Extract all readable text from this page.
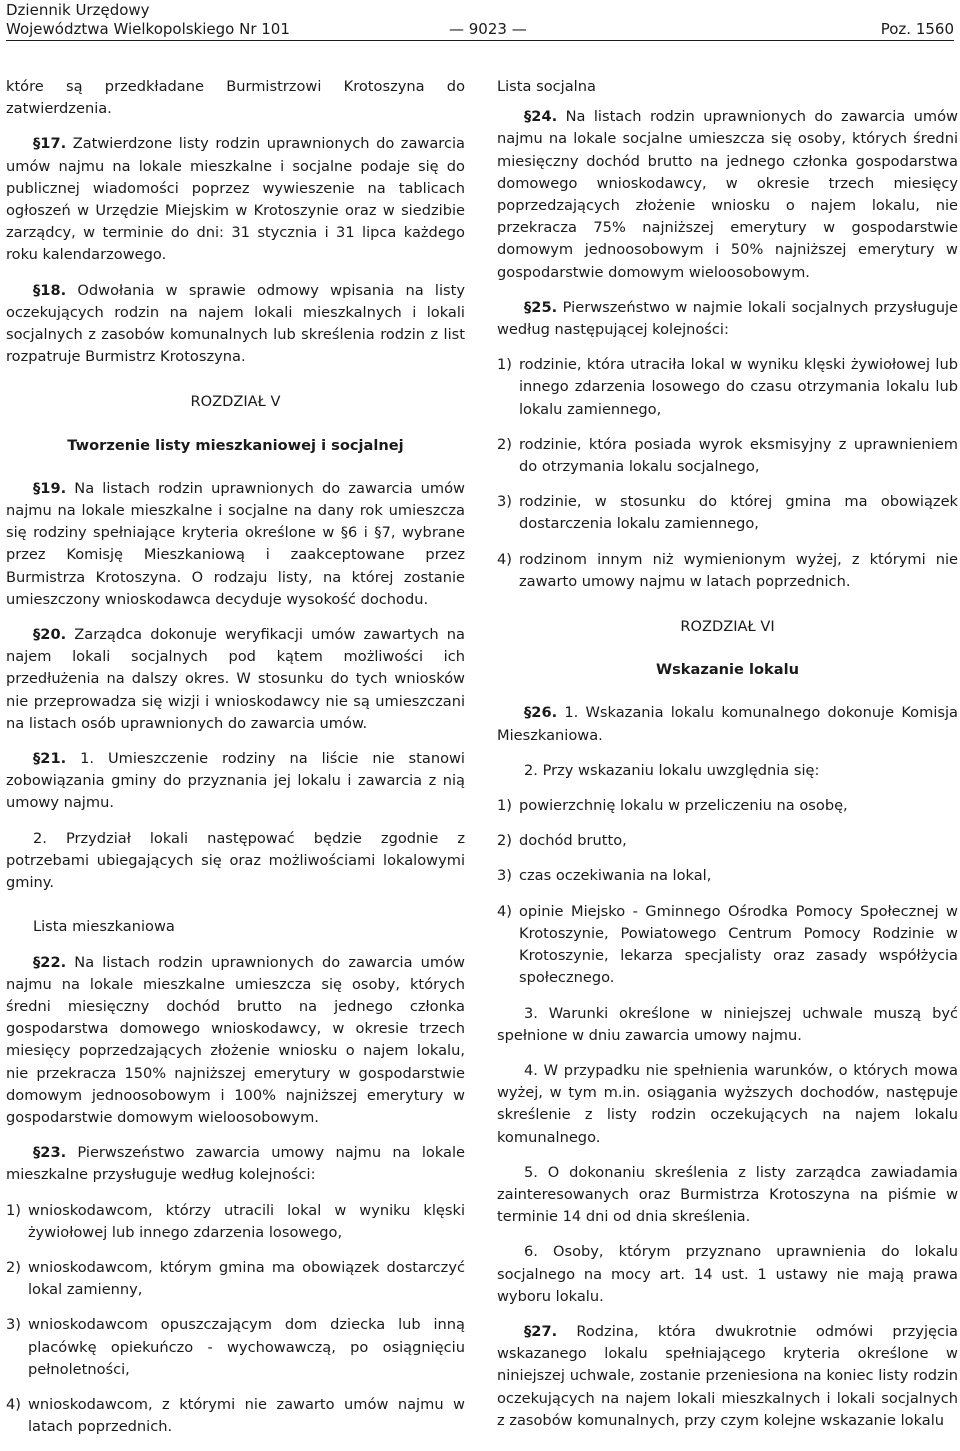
Dziennik Urzędowy
Województwa Wielkopolskiego Nr 101	— 9023 —	Poz. 1560

które są przedkładane Burmistrzowi Krotoszyna do zatwierdzenia.

§17. Zatwierdzone listy rodzin uprawnionych do zawarcia umów najmu na lokale mieszkalne i socjalne podaje się do publicznej wiadomości poprzez wywieszenie na tablicach ogłoszeń w Urzędzie Miejskim w Krotoszynie oraz w siedzibie zarządcy, w terminie do dni: 31 stycznia i 31 lipca każdego roku kalendarzowego.

§18. Odwołania w sprawie odmowy wpisania na listy oczekujących rodzin na najem lokali mieszkalnych i lokali socjalnych z zasobów komunalnych lub skreślenia rodzin z list rozpatruje Burmistrz Krotoszyna.

ROZDZIAŁ V

Tworzenie listy mieszkaniowej i socjalnej

§19. Na listach rodzin uprawnionych do zawarcia umów najmu na lokale mieszkalne i socjalne na dany rok umieszcza się rodziny spełniające kryteria określone w §6 i §7, wybrane przez Komisję Mieszkaniową i zaakceptowane przez Burmistrza Krotoszyna. O rodzaju listy, na której zostanie umieszczony wnioskodawca decyduje wysokość dochodu.

§20. Zarządca dokonuje weryfikacji umów zawartych na najem lokali socjalnych pod kątem możliwości ich przedłużenia na dalszy okres. W stosunku do tych wniosków nie przeprowadza się wizji i wnioskodawcy nie są umieszczani na listach osób uprawnionych do zawarcia umów.

§21. 1. Umieszczenie rodziny na liście nie stanowi zobowiązania gminy do przyznania jej lokalu i zawarcia z nią umowy najmu.

2. Przydział lokali następować będzie zgodnie z potrzebami ubiegających się oraz możliwościami lokalowymi gminy.

Lista mieszkaniowa

§22. Na listach rodzin uprawnionych do zawarcia umów najmu na lokale mieszkalne umieszcza się osoby, których średni miesięczny dochód brutto na jednego członka gospodarstwa domowego wnioskodawcy, w okresie trzech miesięcy poprzedzających złożenie wniosku o najem lokalu, nie przekracza 150% najniższej emerytury w gospodarstwie domowym jednoosobowym i 100% najniższej emerytury w gospodarstwie domowym wieloosobowym.

§23. Pierwszeństwo zawarcia umowy najmu na lokale mieszkalne przysługuje według kolejności:

1) wnioskodawcom, którzy utracili lokal w wyniku klęski żywiołowej lub innego zdarzenia losowego,
2) wnioskodawcom, którym gmina ma obowiązek dostarczyć lokal zamienny,
3) wnioskodawcom opuszczającym dom dziecka lub inną placówkę opiekuńczo - wychowawczą, po osiągnięciu pełnoletności,
4) wnioskodawcom, z którymi nie zawarto umów najmu w latach poprzednich.

Lista socjalna

§24. Na listach rodzin uprawnionych do zawarcia umów najmu na lokale socjalne umieszcza się osoby, których średni miesięczny dochód brutto na jednego członka gospodarstwa domowego wnioskodawcy, w okresie trzech miesięcy poprzedzających złożenie wniosku o najem lokalu, nie przekracza 75% najniższej emerytury w gospodarstwie domowym jednoosobowym i 50% najniższej emerytury w gospodarstwie domowym wieloosobowym.

§25. Pierwszeństwo w najmie lokali socjalnych przysługuje według następującej kolejności:

1) rodzinie, która utraciła lokal w wyniku klęski żywiołowej lub innego zdarzenia losowego do czasu otrzymania lokalu lub lokalu zamiennego,
2) rodzinie, która posiada wyrok eksmisyjny z uprawnieniem do otrzymania lokalu socjalnego,
3) rodzinie, w stosunku do której gmina ma obowiązek dostarczenia lokalu zamiennego,
4) rodzinom innym niż wymienionym wyżej, z którymi nie zawarto umowy najmu w latach poprzednich.

ROZDZIAŁ VI

Wskazanie lokalu

§26. 1. Wskazania lokalu komunalnego dokonuje Komisja Mieszkaniowa.

2. Przy wskazaniu lokalu uwzględnia się:

1) powierzchnię lokalu w przeliczeniu na osobę,
2) dochód brutto,
3) czas oczekiwania na lokal,
4) opinie Miejsko - Gminnego Ośrodka Pomocy Społecznej w Krotoszynie, Powiatowego Centrum Pomocy Rodzinie w Krotoszynie, lekarza specjalisty oraz zasady współżycia społecznego.

3. Warunki określone w niniejszej uchwale muszą być spełnione w dniu zawarcia umowy najmu.

4. W przypadku nie spełnienia warunków, o których mowa wyżej, w tym m.in. osiągania wyższych dochodów, następuje skreślenie z listy rodzin oczekujących na najem lokalu komunalnego.

5. O dokonaniu skreślenia z listy zarządca zawiadamia zainteresowanych oraz Burmistrza Krotoszyna na piśmie w terminie 14 dni od dnia skreślenia.

6. Osoby, którym przyznano uprawnienia do lokalu socjalnego na mocy art. 14 ust. 1 ustawy nie mają prawa wyboru lokalu.

§27. Rodzina, która dwukrotnie odmówi przyjęcia wskazanego lokalu spełniającego kryteria określone w niniejszej uchwale, zostanie przeniesiona na koniec listy rodzin oczekujących na najem lokali mieszkalnych i lokali socjalnych z zasobów komunalnych, przy czym kolejne wskazanie lokalu
